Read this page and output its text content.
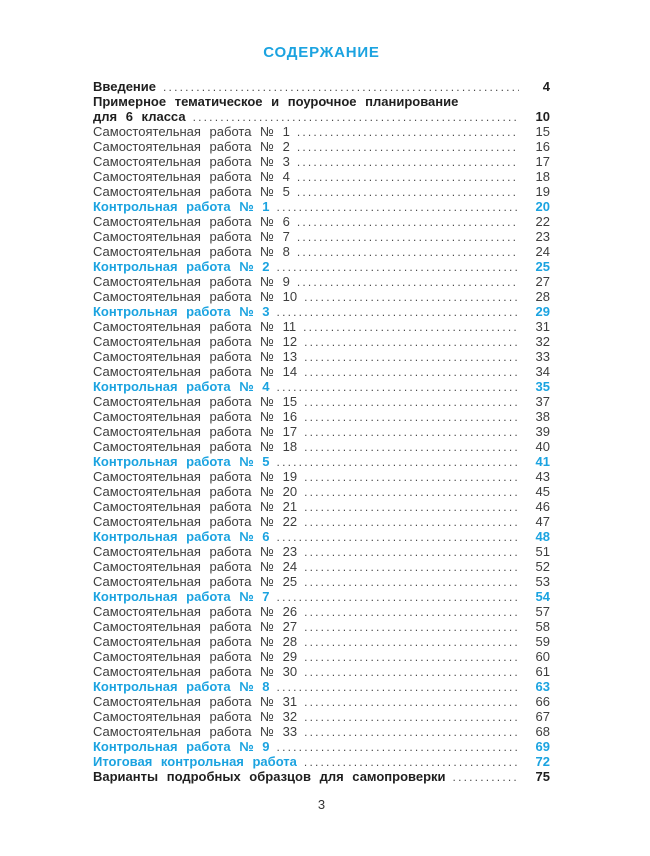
СОДЕРЖАНИЕ
Введение .....	4
Примерное тематическое и поурочное планирование
для 6 класса .....	10
Самостоятельная работа № 1 .....	15
Самостоятельная работа № 2 .....	16
Самостоятельная работа № 3 .....	17
Самостоятельная работа № 4 .....	18
Самостоятельная работа № 5 .....	19
Контрольная работа № 1 .....	20
Самостоятельная работа № 6 .....	22
Самостоятельная работа № 7 .....	23
Самостоятельная работа № 8 .....	24
Контрольная работа № 2 .....	25
Самостоятельная работа № 9 .....	27
Самостоятельная работа № 10 .....	28
Контрольная работа № 3 .....	29
Самостоятельная работа № 11 .....	31
Самостоятельная работа № 12 .....	32
Самостоятельная работа № 13 .....	33
Самостоятельная работа № 14 .....	34
Контрольная работа № 4 .....	35
Самостоятельная работа № 15 .....	37
Самостоятельная работа № 16 .....	38
Самостоятельная работа № 17 .....	39
Самостоятельная работа № 18 .....	40
Контрольная работа № 5 .....	41
Самостоятельная работа № 19 .....	43
Самостоятельная работа № 20 .....	45
Самостоятельная работа № 21 .....	46
Самостоятельная работа № 22 .....	47
Контрольная работа № 6 .....	48
Самостоятельная работа № 23 .....	51
Самостоятельная работа № 24 .....	52
Самостоятельная работа № 25 .....	53
Контрольная работа № 7 .....	54
Самостоятельная работа № 26 .....	57
Самостоятельная работа № 27 .....	58
Самостоятельная работа № 28 .....	59
Самостоятельная работа № 29 .....	60
Самостоятельная работа № 30 .....	61
Контрольная работа № 8 .....	63
Самостоятельная работа № 31 .....	66
Самостоятельная работа № 32 .....	67
Самостоятельная работа № 33 .....	68
Контрольная работа № 9 .....	69
Итоговая контрольная работа .....	72
Варианты подробных образцов для самопроверки .....	75
3
